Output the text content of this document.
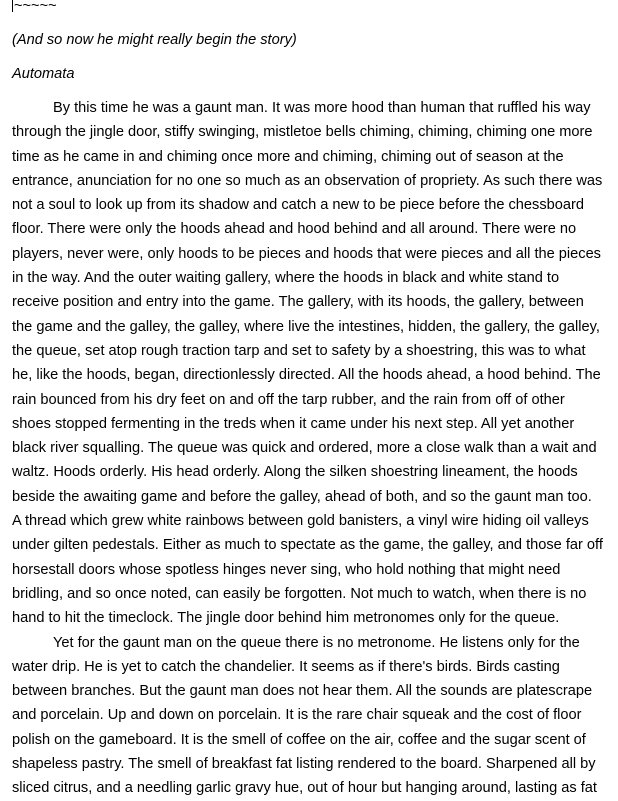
~~~~~
(And so now he might really begin the story)
Automata

By this time he was a gaunt man. It was more hood than human that ruffled his way through the jingle door, stiffy swinging, mistletoe bells chiming, chiming, chiming one more time as he came in and chiming once more and chiming, chiming out of season at the entrance, anunciation for no one so much as an observation of propriety. As such there was not a soul to look up from its shadow and catch a new to be piece before the chessboard floor. There were only the hoods ahead and hood behind and all around. There were no players, never were, only hoods to be pieces and hoods that were pieces and all the pieces in the way. And the outer waiting gallery, where the hoods in black and white stand to receive position and entry into the game. The gallery, with its hoods, the gallery, between the game and the galley, the galley, where live the intestines, hidden, the gallery, the galley, the queue, set atop rough traction tarp and set to safety by a shoestring, this was to what he, like the hoods, began, directionlessly directed. All the hoods ahead, a hood behind. The rain bounced from his dry feet on and off the tarp rubber, and the rain from off of other shoes stopped fermenting in the treds when it came under his next step. All yet another black river squalling. The queue was quick and ordered, more a close walk than a wait and waltz. Hoods orderly. His head orderly. Along the silken shoestring lineament, the hoods beside the awaiting game and before the galley, ahead of both, and so the gaunt man too. A thread which grew white rainbows between gold banisters, a vinyl wire hiding oil valleys under gilten pedestals. Either as much to spectate as the game, the galley, and those far off horsestall doors whose spotless hinges never sing, who hold nothing that might need bridling, and so once noted, can easily be forgotten. Not much to watch, when there is no hand to hit the timeclock. The jingle door behind him metronomes only for the queue.

Yet for the gaunt man on the queue there is no metronome. He listens only for the water drip. He is yet to catch the chandelier. It seems as if there's birds. Birds casting between branches. But the gaunt man does not hear them. All the sounds are platescrape and porcelain. Up and down on porcelain. It is the rare chair squeak and the cost of floor polish on the gameboard. It is the smell of coffee on the air, coffee and the sugar scent of shapeless pastry. The smell of breakfast fat listing rendered to the board. Sharpened all by sliced citrus, and a needling garlic gravy hue, out of hour but hanging around, lasting as fat
